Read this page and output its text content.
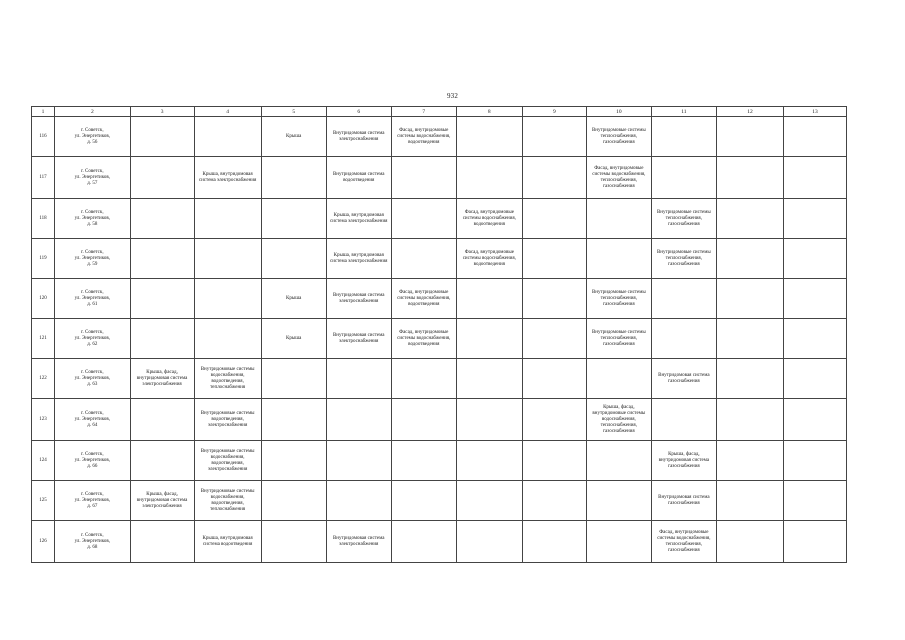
932
1	2	3	4	5	6	7	8	9	10	11	12	13
116	г. Советск,
ул. Энергетиков,
д. 56			Крыша	Внутридомовая система электроснабжения	Фасад, внутридомовые системы водоснабжения, водоотведения			Внутридомовые системы теплоснабжения, газоснабжения			
117	г. Советск,
ул. Энергетиков,
д. 57		Крыша, внутридомовая система электроснабжения		Внутридомовая система водоотведения				Фасад, внутридомовые системы водоснабжения, теплоснабжения, газоснабжения			
118	г. Советск,
ул. Энергетиков,
д. 58				Крыша, внутридомовая система электроснабжения		Фасад, внутридомовые системы водоснабжения, водоотведения			Внутридомовые системы теплоснабжения, газоснабжения		
119	г. Советск,
ул. Энергетиков,
д. 59				Крыша, внутридомовая система электроснабжения		Фасад, внутридомовые системы водоснабжения, водоотведения			Внутридомовые системы теплоснабжения, газоснабжения		
120	г. Советск,
ул. Энергетиков,
д. 61			Крыша	Внутридомовая система электроснабжения	Фасад, внутридомовые системы водоснабжения, водоотведения			Внутридомовые системы теплоснабжения, газоснабжения			
121	г. Советск,
ул. Энергетиков,
д. 62			Крыша	Внутридомовая система электроснабжения	Фасад, внутридомовые системы водоснабжения, водоотведения			Внутридомовые системы теплоснабжения, газоснабжения			
122	г. Советск,
ул. Энергетиков,
д. 63	Крыша, фасад, внутридомовая система электроснабжения	Внутридомовые системы водоснабжения, водоотведения, теплоснабжения							Внутридомовая система газоснабжения		
123	г. Советск,
ул. Энергетиков,
д. 64		Внутридомовые системы водоотведения, электроснабжения						Крыша, фасад, внутридомовые системы водоснабжения, теплоснабжения, газоснабжения			
124	г. Советск,
ул. Энергетиков,
д. 66		Внутридомовые системы водоснабжения, водоотведения, электроснабжения							Крыша, фасад, внутридомовая система газоснабжения		
125	г. Советск,
ул. Энергетиков,
д. 67	Крыша, фасад, внутридомовая система электроснабжения	Внутридомовые системы водоснабжения, водоотведения, теплоснабжения							Внутридомовая система газоснабжения		
126	г. Советск,
ул. Энергетиков,
д. 68		Крыша, внутридомовая система водоотведения		Внутридомовая система электроснабжения					Фасад, внутридомовые системы водоснабжения, теплоснабжения, газоснабжения		
